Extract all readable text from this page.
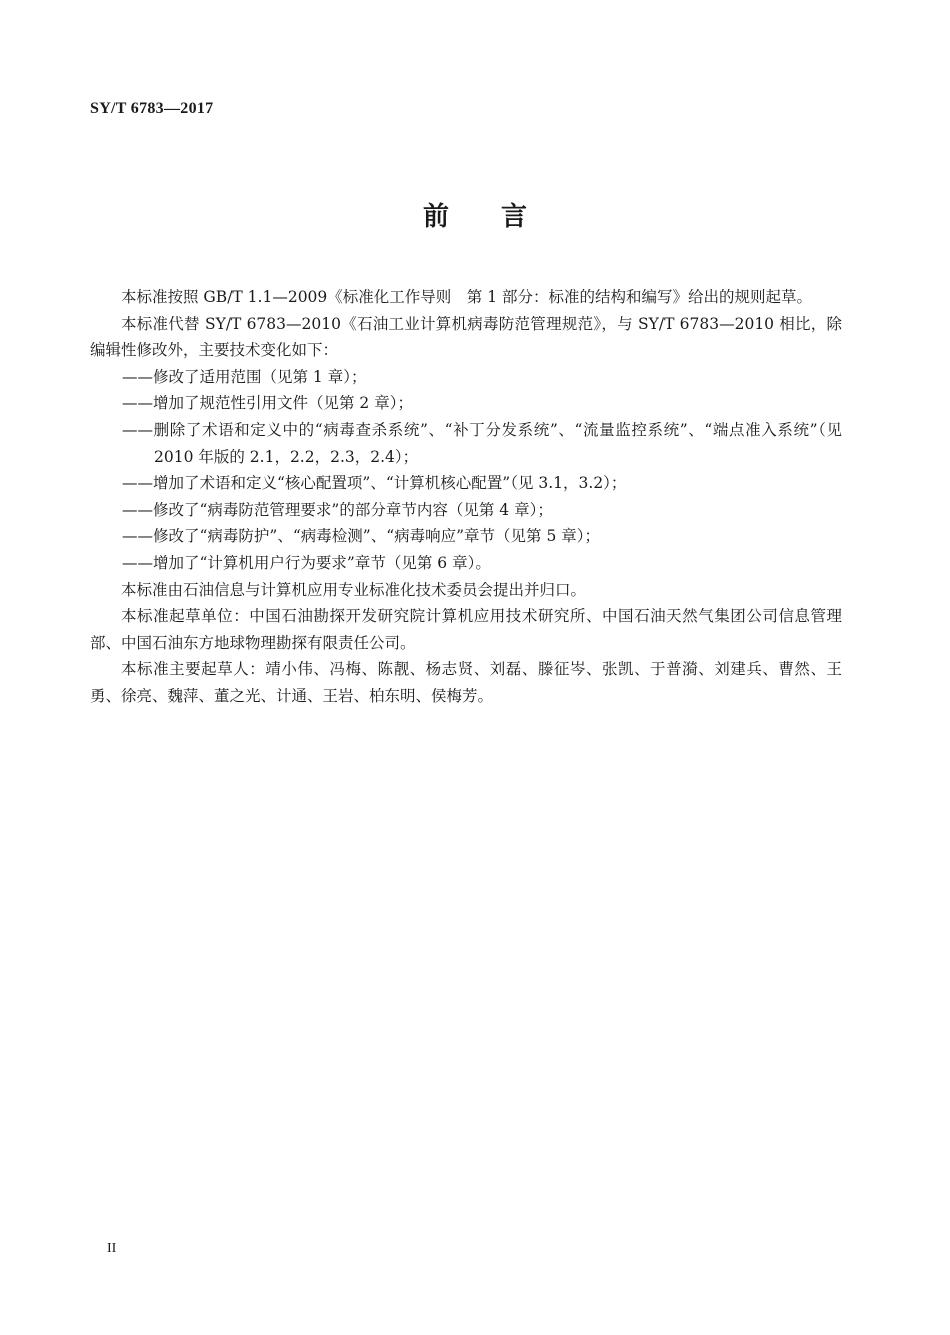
SY/T 6783—2017
前言

本标准按照 GB/T 1.1—2009《标准化工作导则　第 1 部分：标准的结构和编写》给出的规则起草。

本标准代替 SY/T 6783—2010《石油工业计算机病毒防范管理规范》，与 SY/T 6783—2010 相比，除编辑性修改外，主要技术变化如下：

——修改了适用范围（见第 1 章）；

——增加了规范性引用文件（见第 2 章）；

——删除了术语和定义中的“病毒查杀系统”、“补丁分发系统”、“流量监控系统”、“端点准入系统”（见 2010 年版的 2.1，2.2，2.3，2.4）；

——增加了术语和定义“核心配置项”、“计算机核心配置”（见 3.1，3.2）；

——修改了“病毒防范管理要求”的部分章节内容（见第 4 章）；

——修改了“病毒防护”、“病毒检测”、“病毒响应”章节（见第 5 章）；

——增加了“计算机用户行为要求”章节（见第 6 章）。

本标准由石油信息与计算机应用专业标准化技术委员会提出并归口。

本标准起草单位：中国石油勘探开发研究院计算机应用技术研究所、中国石油天然气集团公司信息管理部、中国石油东方地球物理勘探有限责任公司。

本标准主要起草人：靖小伟、冯梅、陈靓、杨志贤、刘磊、滕征岑、张凯、于普漪、刘建兵、曹然、王勇、徐亮、魏萍、董之光、计通、王岩、柏东明、侯梅芳。

II
